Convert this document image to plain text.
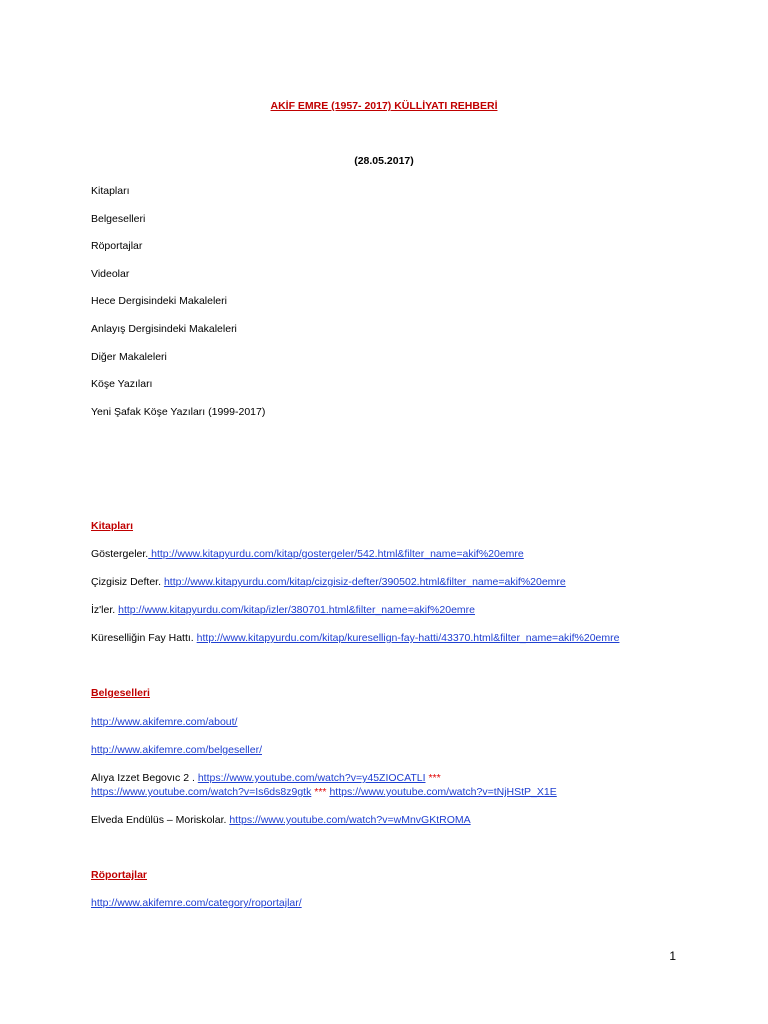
AKİF EMRE (1957- 2017) KÜLLİYATI REHBERİ
(28.05.2017)
Kitapları
Belgeselleri
Röportajlar
Videolar
Hece Dergisindeki Makaleleri
Anlayış Dergisindeki Makaleleri
Diğer Makaleleri
Köşe Yazıları
Yeni Şafak Köşe Yazıları (1999-2017)
Kitapları
Göstergeler. http://www.kitapyurdu.com/kitap/gostergeler/542.html&filter_name=akif%20emre
Çizgisiz Defter. http://www.kitapyurdu.com/kitap/cizgisiz-defter/390502.html&filter_name=akif%20emre
İz'ler. http://www.kitapyurdu.com/kitap/izler/380701.html&filter_name=akif%20emre
Küreselliğin Fay Hattı. http://www.kitapyurdu.com/kitap/kuresellign-fay-hatti/43370.html&filter_name=akif%20emre
Belgeselleri
http://www.akifemre.com/about/
http://www.akifemre.com/belgeseller/
Alıya Izzet Begovıc 2 . https://www.youtube.com/watch?v=y45ZIOCATLI ***
https://www.youtube.com/watch?v=Is6ds8z9gtk *** https://www.youtube.com/watch?v=tNjHStP_X1E
Elveda Endülüs – Moriskolar. https://www.youtube.com/watch?v=wMnvGKtROMA
Röportajlar
http://www.akifemre.com/category/roportajlar/
1
